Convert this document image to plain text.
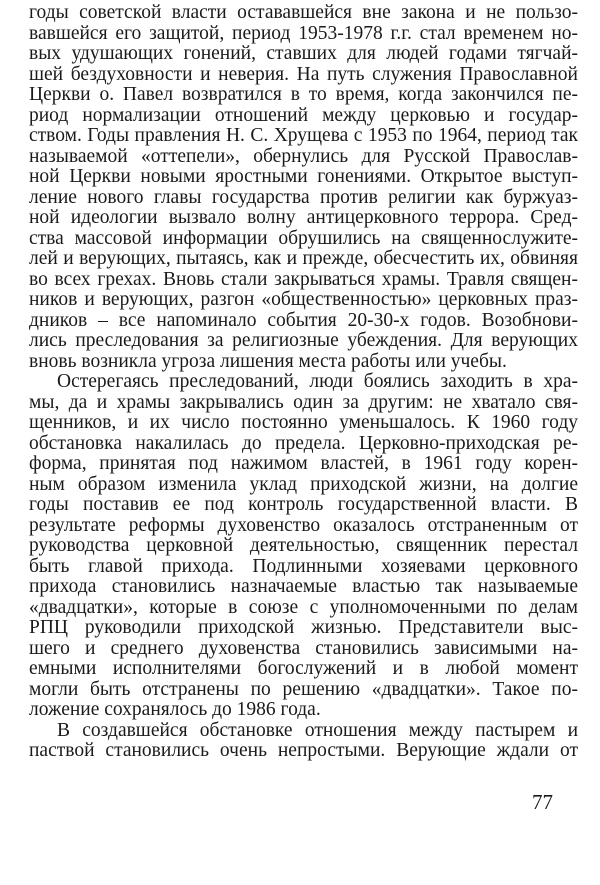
годы советской власти остававшейся вне закона и не пользо-
вавшейся его защитой, период 1953-1978 г.г. стал временем но-
вых удушающих гонений, ставших для людей годами тягчай-
шей бездуховности и неверия. На путь служения Православной
Церкви о. Павел возвратился в то время, когда закончился пе-
риод нормализации отношений между церковью и государ-
ством. Годы правления Н. С. Хрущева с 1953 по 1964, период так
называемой «оттепели», обернулись для Русской Православ-
ной Церкви новыми яростными гонениями. Открытое выступ-
ление нового главы государства против религии как буржуаз-
ной идеологии вызвало волну антицерковного террора. Сред-
ства массовой информации обрушились на священнослужите-
лей и верующих, пытаясь, как и прежде, обесчестить их, обвиняя
во всех грехах. Вновь стали закрываться храмы. Травля священ-
ников и верующих, разгон «общественностью» церковных праз-
дников – все напоминало события 20-30-х годов. Возобнови-
лись преследования за религиозные убеждения. Для верующих
вновь возникла угроза лишения места работы или учебы.
Остерегаясь преследований, люди боялись заходить в хра-
мы, да и храмы закрывались один за другим: не хватало свя-
щенников, и их число постоянно уменьшалось. К 1960 году
обстановка накалилась до предела. Церковно-приходская ре-
форма, принятая под нажимом властей, в 1961 году корен-
ным образом изменила уклад приходской жизни, на долгие
годы поставив ее под контроль государственной власти. В
результате реформы духовенство оказалось отстраненным от
руководства церковной деятельностью, священник перестал
быть главой прихода. Подлинными хозяевами церковного
прихода становились назначаемые властью так называемые
«двадцатки», которые в союзе с уполномоченными по делам
РПЦ руководили приходской жизнью. Представители выс-
шего и среднего духовенства становились зависимыми на-
емными исполнителями богослужений и в любой момент
могли быть отстранены по решению «двадцатки». Такое по-
ложение сохранялось до 1986 года.
В создавшейся обстановке отношения между пастырем и
паствой становились очень непростыми. Верующие ждали от
77
